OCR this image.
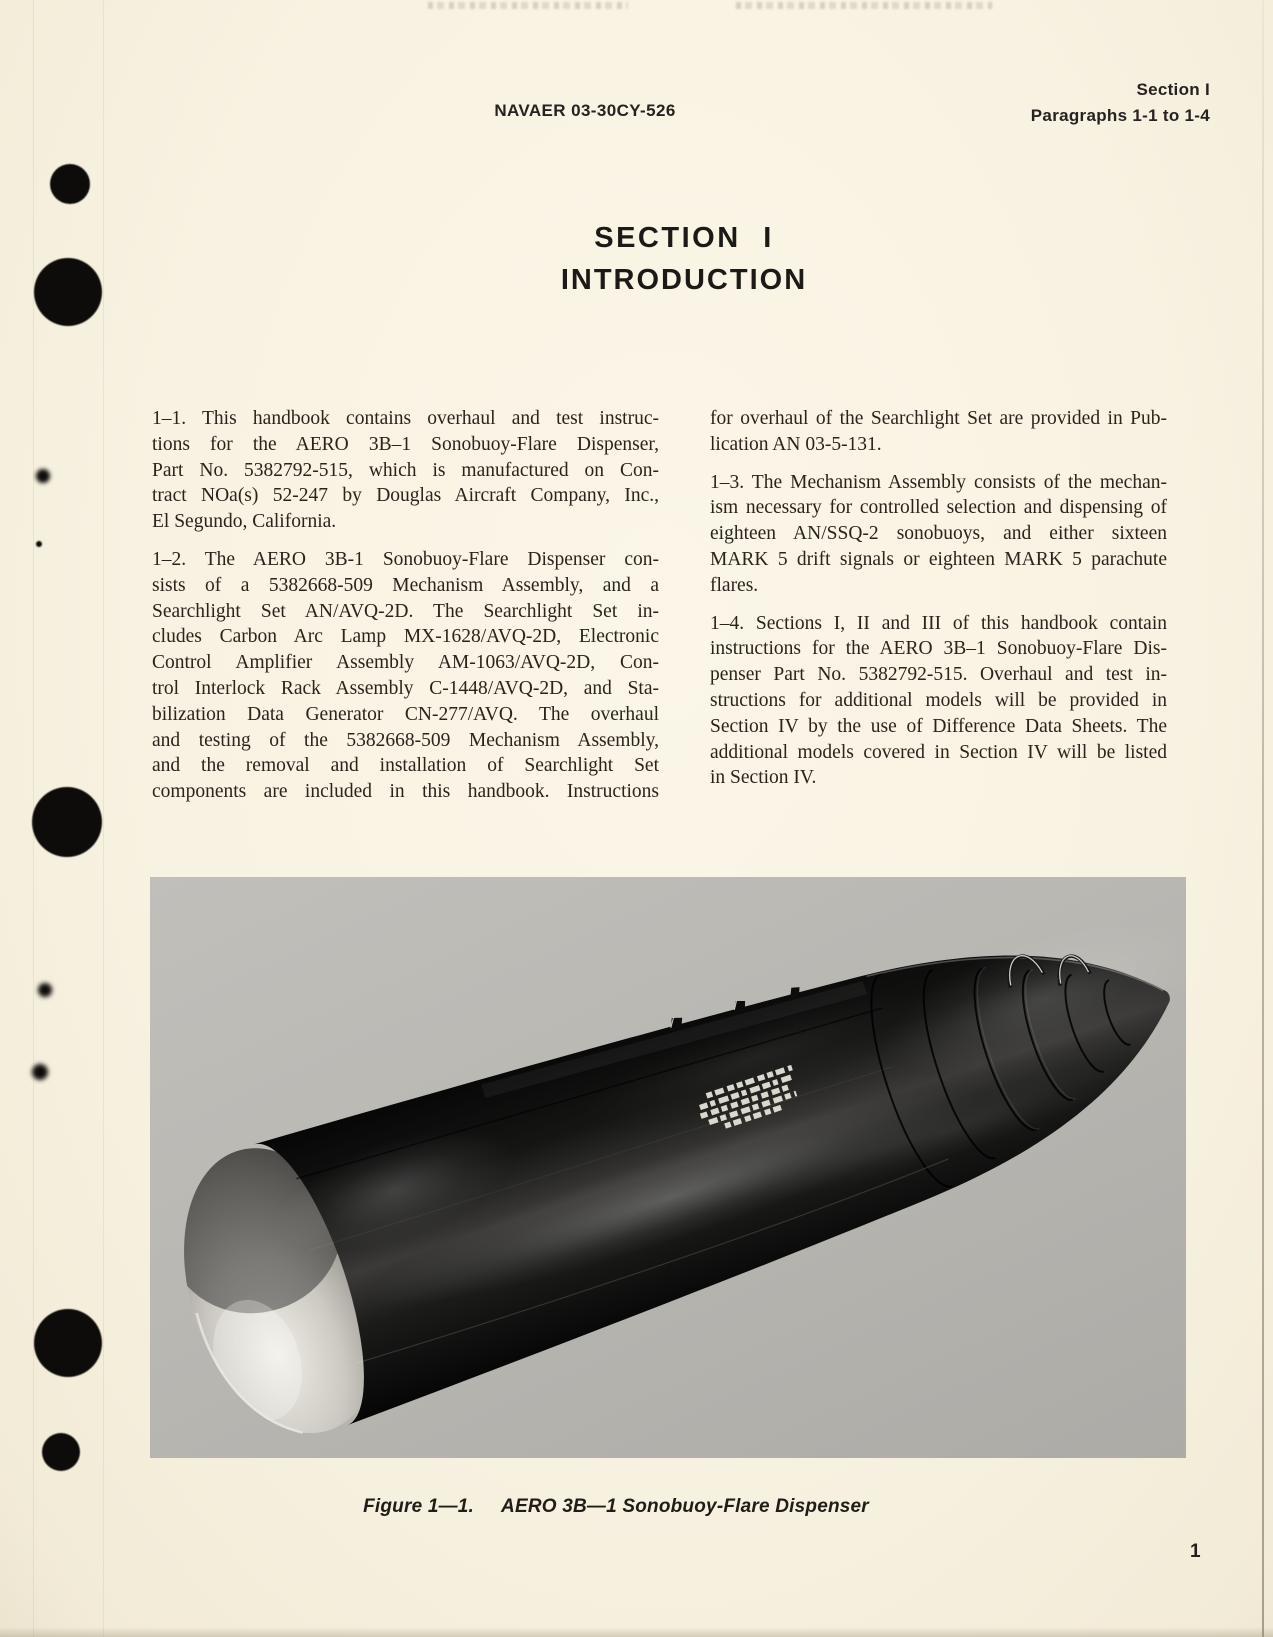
NAVAER 03-30CY-526
Section I
Paragraphs 1-1 to 1-4
SECTION I
INTRODUCTION
1–1. This handbook contains overhaul and test instruc-
tions for the AERO 3B–1 Sonobuoy-Flare Dispenser,
Part No. 5382792-515, which is manufactured on Con-
tract NOa(s) 52-247 by Douglas Aircraft Company, Inc.,
El Segundo, California.
1–2. The AERO 3B-1 Sonobuoy-Flare Dispenser con-
sists of a 5382668-509 Mechanism Assembly, and a
Searchlight Set AN/AVQ-2D. The Searchlight Set in-
cludes Carbon Arc Lamp MX-1628/AVQ-2D, Electronic
Control Amplifier Assembly AM-1063/AVQ-2D, Con-
trol Interlock Rack Assembly C-1448/AVQ-2D, and Sta-
bilization Data Generator CN-277/AVQ. The overhaul
and testing of the 5382668-509 Mechanism Assembly,
and the removal and installation of Searchlight Set
components are included in this handbook. Instructions
for overhaul of the Searchlight Set are provided in Pub-
lication AN 03-5-131.
1–3. The Mechanism Assembly consists of the mechan-
ism necessary for controlled selection and dispensing of
eighteen AN/SSQ-2 sonobuoys, and either sixteen
MARK 5 drift signals or eighteen MARK 5 parachute
flares.
1–4. Sections I, II and III of this handbook contain
instructions for the AERO 3B–1 Sonobuoy-Flare Dis-
penser Part No. 5382792-515. Overhaul and test in-
structions for additional models will be provided in
Section IV by the use of Difference Data Sheets. The
additional models covered in Section IV will be listed
in Section IV.
Figure 1—1. AERO 3B—1 Sonobuoy-Flare Dispenser
1
